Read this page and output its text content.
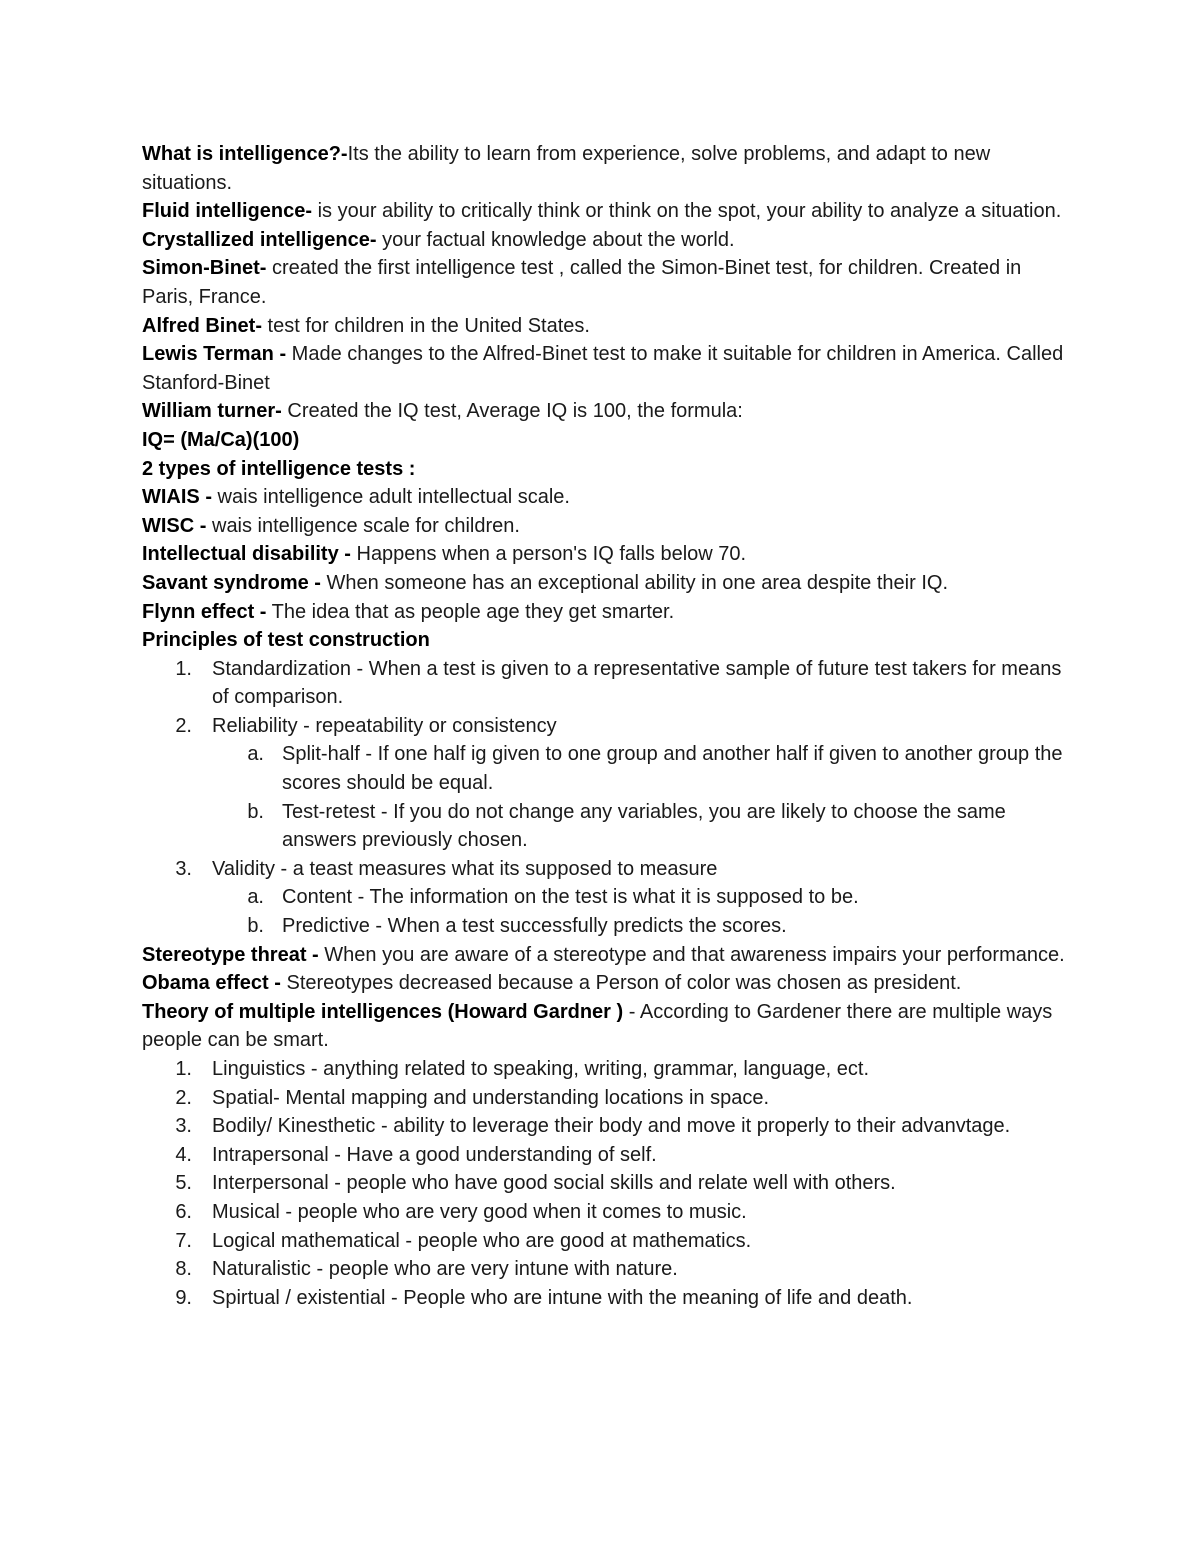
What is intelligence?-Its the ability to learn from experience, solve problems, and adapt to new situations.

Fluid intelligence- is your ability to critically think or think on the spot, your ability to analyze a situation.

Crystallized intelligence- your factual knowledge about the world.

Simon-Binet- created the first intelligence test , called the Simon-Binet test, for children. Created in Paris, France.

Alfred Binet- test for children in the United States.

Lewis Terman - Made changes to the Alfred-Binet test to make it suitable for children in America. Called Stanford-Binet

William turner- Created the IQ test, Average IQ is 100, the formula:

IQ= (Ma/Ca)(100)

2 types of intelligence tests :

WIAIS - wais intelligence adult intellectual scale.

WISC - wais intelligence scale for children.

Intellectual disability - Happens when a person's IQ falls below 70.

Savant syndrome - When someone has an exceptional ability in one area despite their IQ.

Flynn effect - The idea that as people age they get smarter.

Principles of test construction

1. Standardization - When a test is given to a representative sample of future test takers for means of comparison.
2. Reliability - repeatability or consistency
a. Split-half - If one half ig given to one group and another half if given to another group the scores should be equal.
b. Test-retest - If you do not change any variables, you are likely to choose the same answers previously chosen.
3. Validity - a teast measures what its supposed to measure
a. Content - The information on the test is what it is supposed to be.
b. Predictive - When a test successfully predicts the scores.

Stereotype threat - When you are aware of a stereotype and that awareness impairs your performance.

Obama effect - Stereotypes decreased because a Person of color was chosen as president.

Theory of multiple intelligences (Howard Gardner ) - According to Gardener there are multiple ways people can be smart.

1. Linguistics - anything related to speaking, writing, grammar, language, ect.
2. Spatial- Mental mapping and understanding locations in space.
3. Bodily/ Kinesthetic - ability to leverage their body and move it properly to their advanvtage.
4. Intrapersonal - Have a good understanding of self.
5. Interpersonal - people who have good social skills and relate well with others.
6. Musical - people who are very good when it comes to music.
7. Logical mathematical - people who are good at mathematics.
8. Naturalistic - people who are very intune with nature.
9. Spirtual / existential - People who are intune with the meaning of life and death.
